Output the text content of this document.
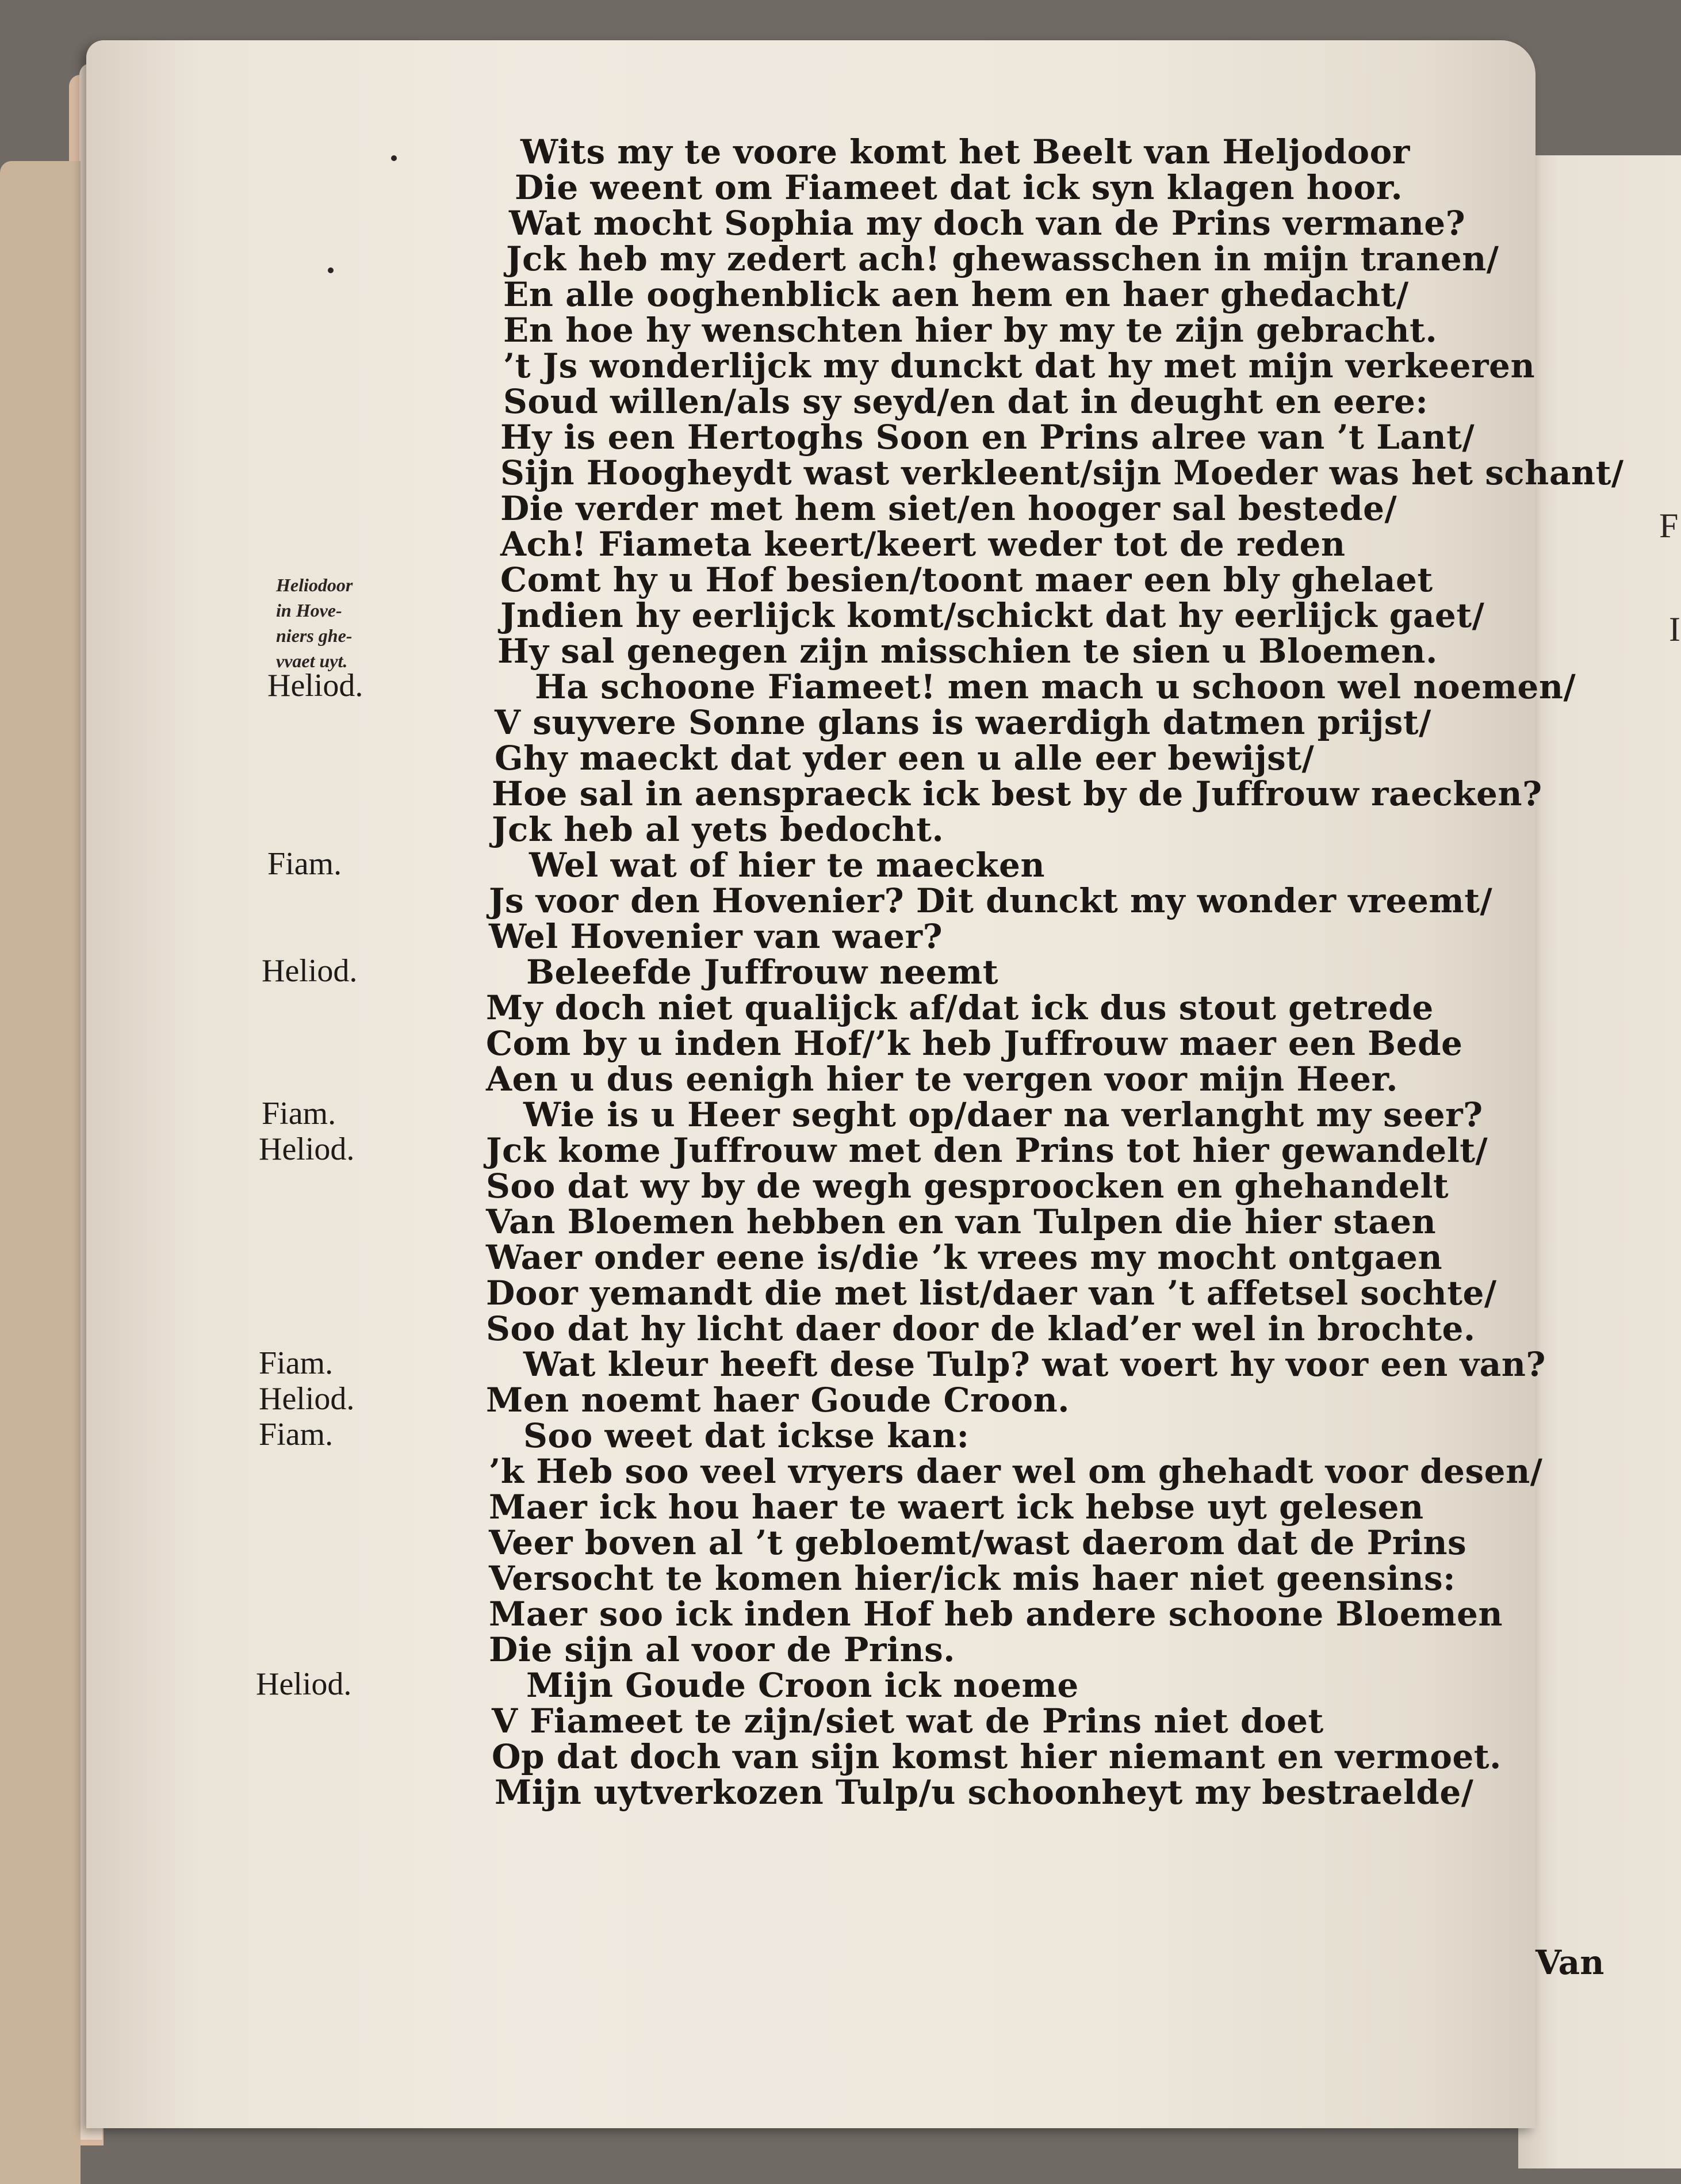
F
I
Heliodoor
in Hove-
niers ghe-
vvaet uyt.
Wits my te voore komt het Beelt van Heljodoor
Die weent om Fiameet dat ick syn klagen hoor.
Wat mocht Sophia my doch van de Prins vermane?
Jck heb my zedert ach! ghewasschen in mijn tranen/
En alle ooghenblick aen hem en haer ghedacht/
En hoe hy wenschten hier by my te zijn gebracht.
’t Js wonderlijck my dunckt dat hy met mijn verkeeren
Soud willen/als sy seyd/en dat in deught en eere:
Hy is een Hertoghs Soon en Prins alree van ’t Lant/
Sijn Hoogheydt wast verkleent/sijn Moeder was het schant/
Die verder met hem siet/en hooger sal bestede/
Ach! Fiameta keert/keert weder tot de reden
Comt hy u Hof besien/toont maer een bly ghelaet
Jndien hy eerlijck komt/schickt dat hy eerlijck gaet/
Hy sal genegen zijn misschien te sien u Bloemen.
Ha schoone Fiameet! men mach u schoon wel noemen/
V suyvere Sonne glans is waerdigh datmen prijst/
Ghy maeckt dat yder een u alle eer bewijst/
Hoe sal in aenspraeck ick best by de Juffrouw raecken?
Jck heb al yets bedocht.
Wel wat of hier te maecken
Js voor den Hovenier? Dit dunckt my wonder vreemt/
Wel Hovenier van waer?
Beleefde Juffrouw neemt
My doch niet qualijck af/dat ick dus stout getrede
Com by u inden Hof/’k heb Juffrouw maer een Bede
Aen u dus eenigh hier te vergen voor mijn Heer.
Wie is u Heer seght op/daer na verlanght my seer?
Jck kome Juffrouw met den Prins tot hier gewandelt/
Soo dat wy by de wegh gesproocken en ghehandelt
Van Bloemen hebben en van Tulpen die hier staen
Waer onder eene is/die ’k vrees my mocht ontgaen
Door yemandt die met list/daer van ’t affetsel sochte/
Soo dat hy licht daer door de klad’er wel in brochte.
Wat kleur heeft dese Tulp? wat voert hy voor een van?
Men noemt haer Goude Croon.
Soo weet dat ickse kan:
’k Heb soo veel vryers daer wel om ghehadt voor desen/
Maer ick hou haer te waert ick hebse uyt gelesen
Veer boven al ’t gebloemt/wast daerom dat de Prins
Versocht te komen hier/ick mis haer niet geensins:
Maer soo ick inden Hof heb andere schoone Bloemen
Die sijn al voor de Prins.
Mijn Goude Croon ick noeme
V Fiameet te zijn/siet wat de Prins niet doet
Op dat doch van sijn komst hier niemant en vermoet.
Mijn uytverkozen Tulp/u schoonheyt my bestraelde/
Heliod.
Fiam.
Heliod.
Fiam.
Heliod.
Fiam.
Heliod.
Fiam.
Heliod.
Van
